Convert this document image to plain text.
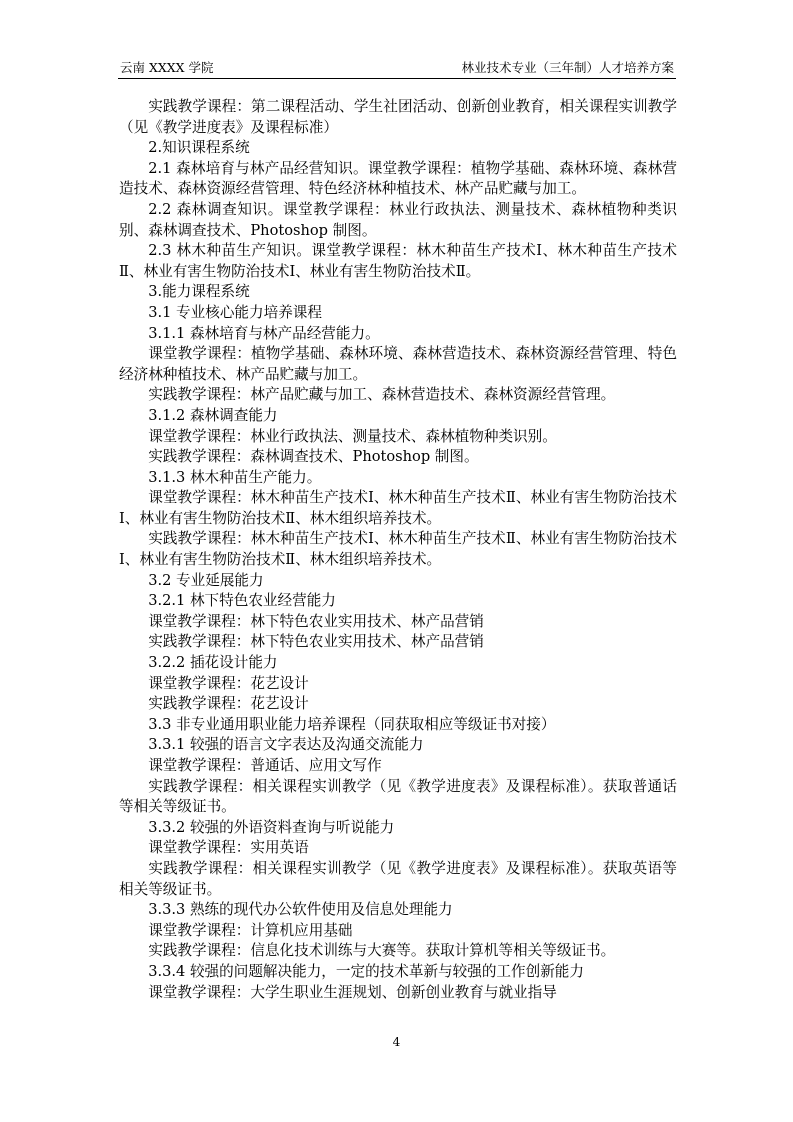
云南 XXXX 学院	林业技术专业（三年制）人才培养方案

实践教学课程：第二课程活动、学生社团活动、创新创业教育，相关课程实训教学（见《教学进度表》及课程标准）

2.知识课程系统

2.1 森林培育与林产品经营知识。课堂教学课程：植物学基础、森林环境、森林营造技术、森林资源经营管理、特色经济林种植技术、林产品贮藏与加工。

2.2 森林调查知识。课堂教学课程：林业行政执法、测量技术、森林植物种类识别、森林调查技术、Photoshop 制图。

2.3 林木种苗生产知识。课堂教学课程：林木种苗生产技术Ⅰ、林木种苗生产技术Ⅱ、林业有害生物防治技术Ⅰ、林业有害生物防治技术Ⅱ。

3.能力课程系统

3.1 专业核心能力培养课程

3.1.1 森林培育与林产品经营能力。

课堂教学课程：植物学基础、森林环境、森林营造技术、森林资源经营管理、特色经济林种植技术、林产品贮藏与加工。

实践教学课程：林产品贮藏与加工、森林营造技术、森林资源经营管理。

3.1.2 森林调查能力

课堂教学课程：林业行政执法、测量技术、森林植物种类识别。

实践教学课程：森林调查技术、Photoshop 制图。

3.1.3 林木种苗生产能力。

课堂教学课程：林木种苗生产技术Ⅰ、林木种苗生产技术Ⅱ、林业有害生物防治技术Ⅰ、林业有害生物防治技术Ⅱ、林木组织培养技术。

实践教学课程：林木种苗生产技术Ⅰ、林木种苗生产技术Ⅱ、林业有害生物防治技术Ⅰ、林业有害生物防治技术Ⅱ、林木组织培养技术。

3.2 专业延展能力

3.2.1 林下特色农业经营能力

课堂教学课程：林下特色农业实用技术、林产品营销

实践教学课程：林下特色农业实用技术、林产品营销

3.2.2 插花设计能力

课堂教学课程：花艺设计

实践教学课程：花艺设计

3.3 非专业通用职业能力培养课程（同获取相应等级证书对接）

3.3.1 较强的语言文字表达及沟通交流能力

课堂教学课程：普通话、应用文写作

实践教学课程：相关课程实训教学（见《教学进度表》及课程标准）。获取普通话等相关等级证书。

3.3.2 较强的外语资料查询与听说能力

课堂教学课程：实用英语

实践教学课程：相关课程实训教学（见《教学进度表》及课程标准）。获取英语等相关等级证书。

3.3.3 熟练的现代办公软件使用及信息处理能力

课堂教学课程：计算机应用基础

实践教学课程：信息化技术训练与大赛等。获取计算机等相关等级证书。

3.3.4 较强的问题解决能力，一定的技术革新与较强的工作创新能力

课堂教学课程：大学生职业生涯规划、创新创业教育与就业指导

4
